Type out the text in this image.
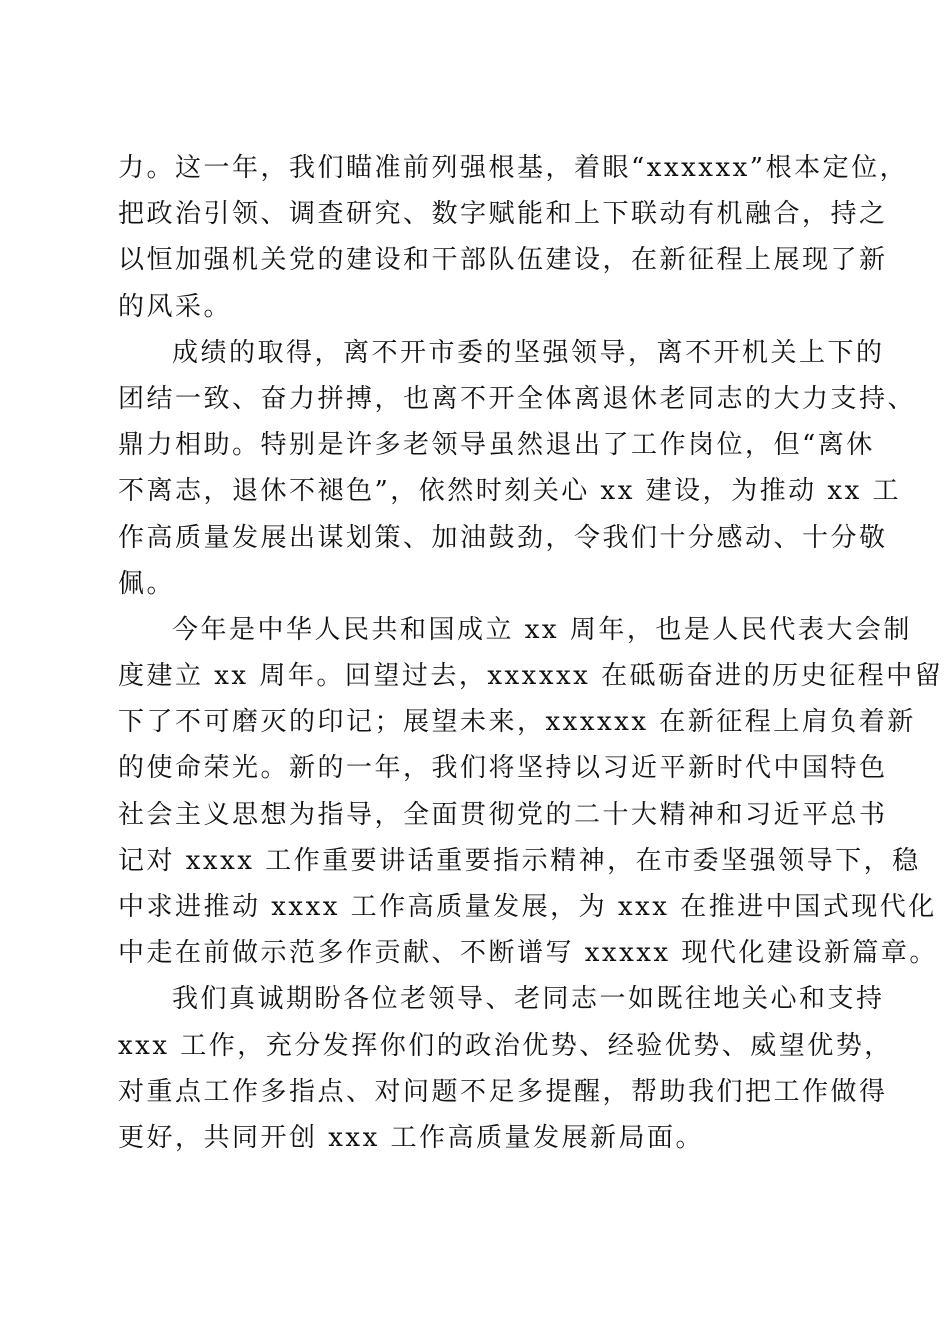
力。这一年，我们瞄准前列强根基，着眼“xxxxxx”根本定位，
把政治引领、调查研究、数字赋能和上下联动有机融合，持之
以恒加强机关党的建设和干部队伍建设，在新征程上展现了新
的风采。
成绩的取得，离不开市委的坚强领导，离不开机关上下的
团结一致、奋力拼搏，也离不开全体离退休老同志的大力支持、
鼎力相助。特别是许多老领导虽然退出了工作岗位，但“离休
不离志，退休不褪色”，依然时刻关心 xx 建设，为推动 xx 工
作高质量发展出谋划策、加油鼓劲，令我们十分感动、十分敬
佩。
今年是中华人民共和国成立 xx 周年，也是人民代表大会制
度建立 xx 周年。回望过去，xxxxxx 在砥砺奋进的历史征程中留
下了不可磨灭的印记；展望未来，xxxxxx 在新征程上肩负着新
的使命荣光。新的一年，我们将坚持以习近平新时代中国特色
社会主义思想为指导，全面贯彻党的二十大精神和习近平总书
记对 xxxx 工作重要讲话重要指示精神，在市委坚强领导下，稳
中求进推动 xxxx 工作高质量发展，为 xxx 在推进中国式现代化
中走在前做示范多作贡献、不断谱写 xxxxx 现代化建设新篇章。
我们真诚期盼各位老领导、老同志一如既往地关心和支持
xxx 工作，充分发挥你们的政治优势、经验优势、威望优势，
对重点工作多指点、对问题不足多提醒，帮助我们把工作做得
更好，共同开创 xxx 工作高质量发展新局面。
